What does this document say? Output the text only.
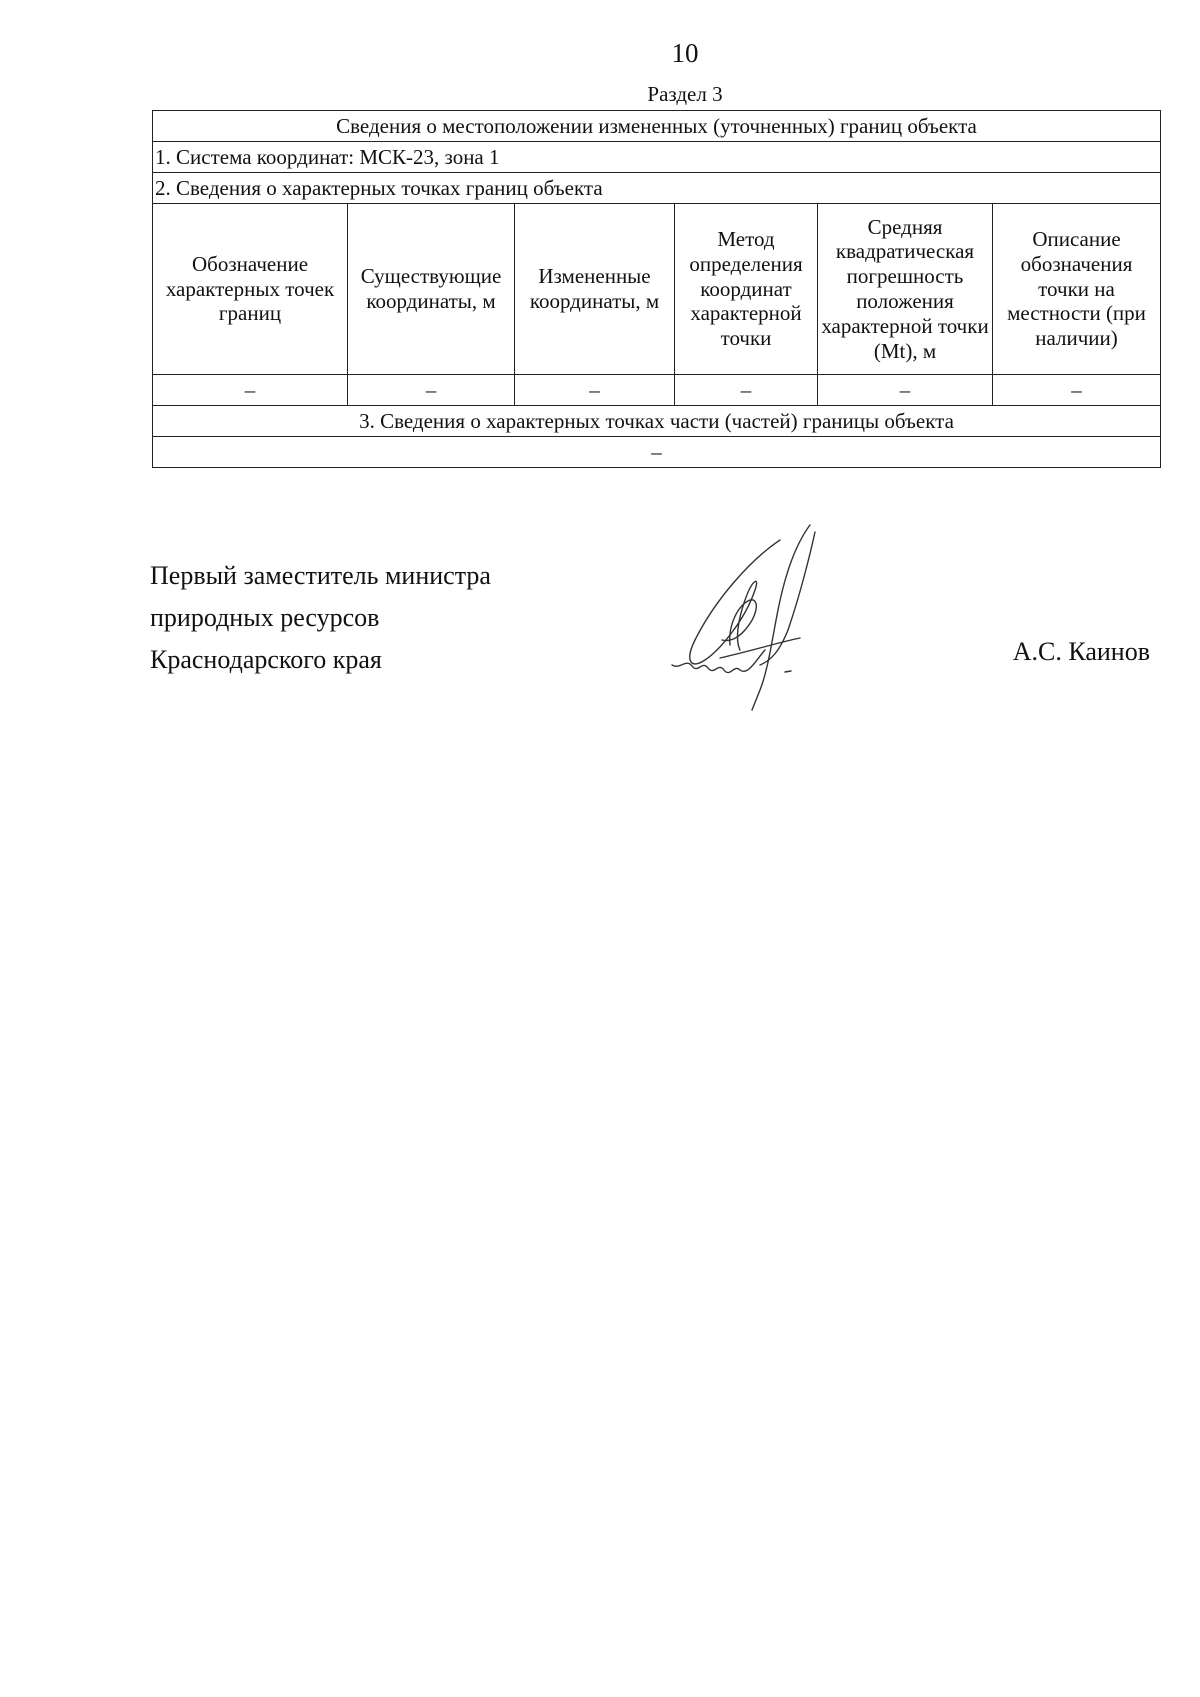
10
Раздел 3
Сведения о местоположении измененных (уточненных) границ объекта					
1. Система координат: МСК-23, зона 1					
2. Сведения о характерных точках границ объекта					
Обозначение характерных точек границ	Существующие координаты, м	Измененные координаты, м	Метод определения координат характерной точки	Средняя квадратическая погрешность положения характерной точки (Mt), м	Описание обозначения точки на местности (при наличии)
–	–	–	–	–	–
3. Сведения о характерных точках части (частей) границы объекта					
–					
Первый заместитель министра
природных ресурсов
Краснодарского края	А.С. Каинов
